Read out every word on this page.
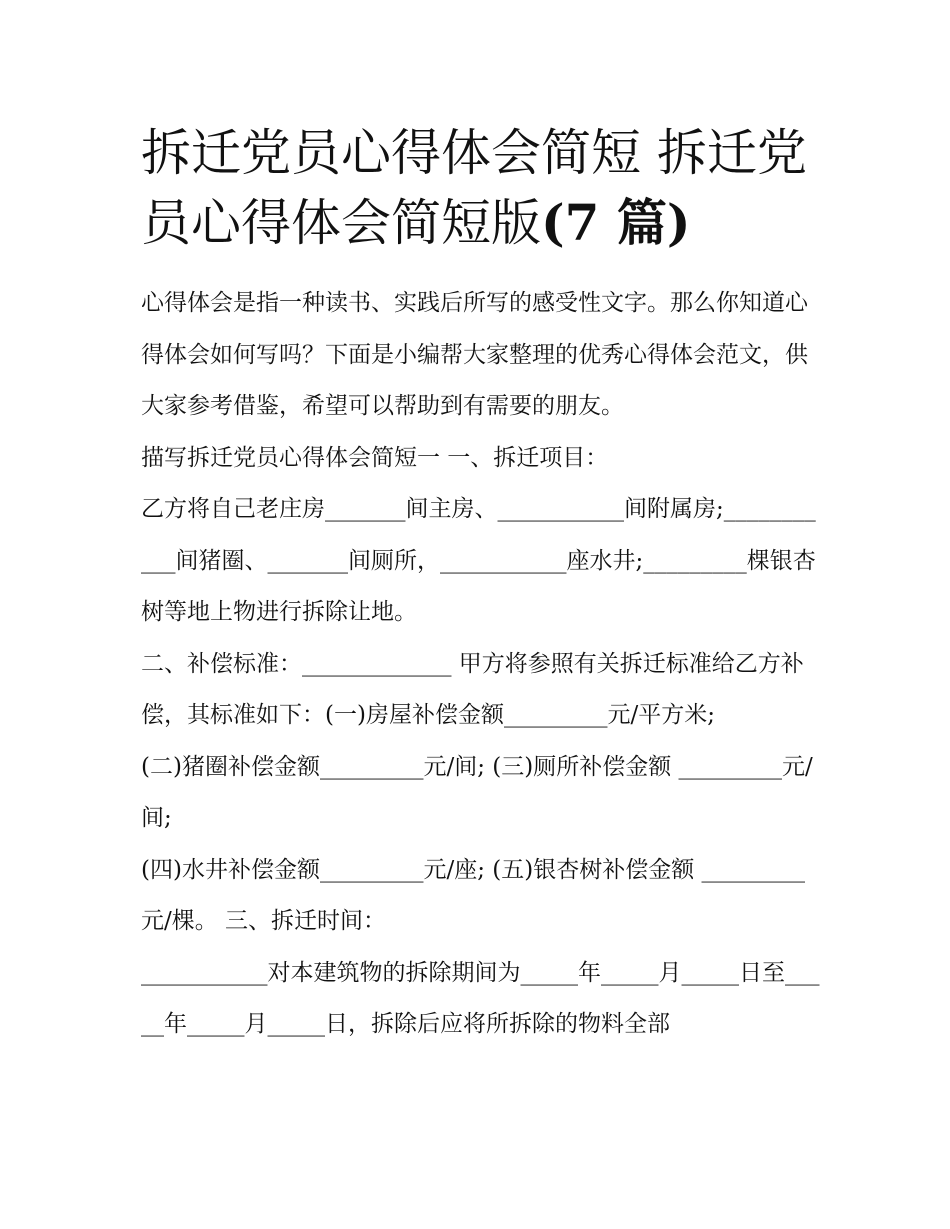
拆迁党员心得体会简短 拆迁党员心得体会简短版(7 篇)

心得体会是指一种读书、实践后所写的感受性文字。那么你知道心得体会如何写吗？下面是小编帮大家整理的优秀心得体会范文，供大家参考借鉴，希望可以帮助到有需要的朋友。

描写拆迁党员心得体会简短一 一、拆迁项目：

乙方将自己老庄房_______间主房、___________间附属房;___________间猪圈、_______间厕所，___________座水井;_________棵银杏树等地上物进行拆除让地。

二、补偿标准：_____________ 甲方将参照有关拆迁标准给乙方补偿，其标准如下：(一)房屋补偿金额_________元/平方米;

(二)猪圈补偿金额_________元/间; (三)厕所补偿金额 _________元/间;

(四)水井补偿金额_________元/座; (五)银杏树补偿金额 _________元/棵。 三、拆迁时间：

___________对本建筑物的拆除期间为_____年_____月_____日至_____年_____月_____日，拆除后应将所拆除的物料全部
